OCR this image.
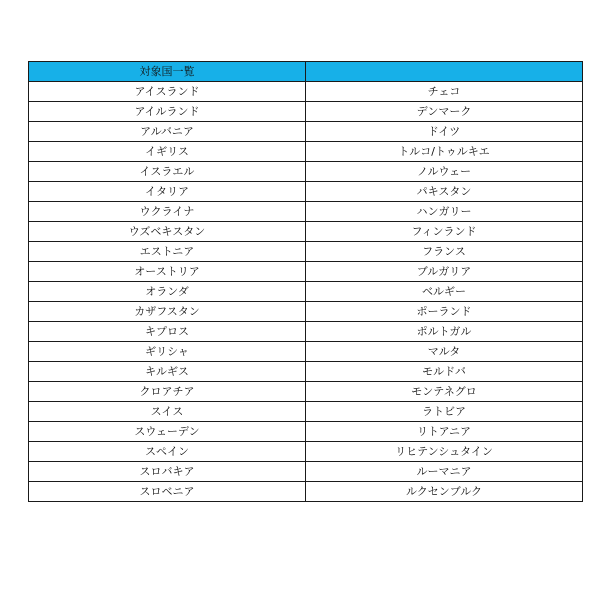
対象国一覧	
アイスランド	チェコ
アイルランド	デンマーク
アルバニア	ドイツ
イギリス	トルコ/トゥルキエ
イスラエル	ノルウェー
イタリア	パキスタン
ウクライナ	ハンガリー
ウズベキスタン	フィンランド
エストニア	フランス
オーストリア	ブルガリア
オランダ	ベルギー
カザフスタン	ポーランド
キプロス	ポルトガル
ギリシャ	マルタ
キルギス	モルドバ
クロアチア	モンテネグロ
スイス	ラトビア
スウェーデン	リトアニア
スペイン	リヒテンシュタイン
スロバキア	ルーマニア
スロベニア	ルクセンブルク
